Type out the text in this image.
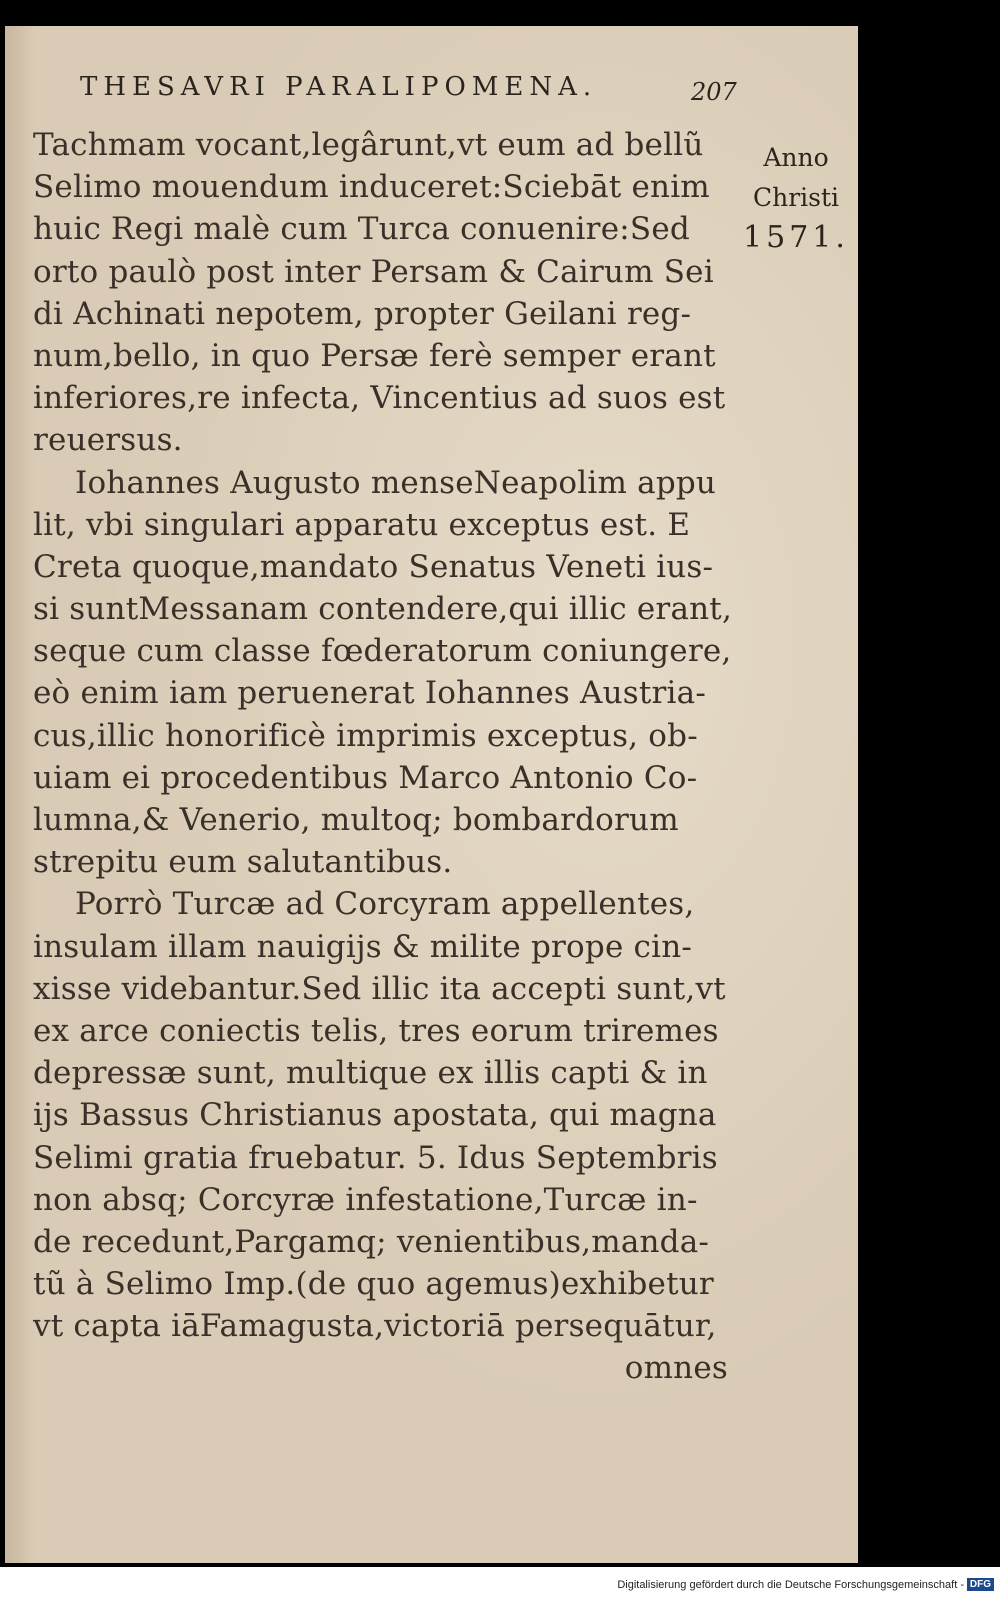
THESAVRI PARALIPOMENA.	207
Tachmam vocant,legârunt,vt eum ad bellũ
Selimo mouendum induceret:Sciebāt enim
huic Regi malè cum Turca conuenire:Sed
orto paulò post inter Persam & Cairum Sei
di Achinati nepotem, propter Geilani reg-
num,bello, in quo Persæ ferè semper erant
inferiores,re infecta, Vincentius ad suos est
reuersus.
Iohannes Augusto menseNeapolim appu
lit, vbi singulari apparatu exceptus est. E
Creta quoque,mandato Senatus Veneti ius-
si suntMessanam contendere,qui illic erant,
seque cum classe fœderatorum coniungere,
eò enim iam peruenerat Iohannes Austria-
cus,illic honorificè imprimis exceptus, ob-
uiam ei procedentibus Marco Antonio Co-
lumna,& Venerio, multoq; bombardorum
strepitu eum salutantibus.
Porrò Turcæ ad Corcyram appellentes,
insulam illam nauigijs & milite prope cin-
xisse videbantur.Sed illic ita accepti sunt,vt
ex arce coniectis telis, tres eorum triremes
depressæ sunt, multique ex illis capti & in
ijs Bassus Christianus apostata, qui magna
Selimi gratia fruebatur. 5. Idus Septembris
non absq; Corcyræ infestatione,Turcæ in-
de recedunt,Pargamq; venientibus,manda-
tũ à Selimo Imp.(de quo agemus)exhibetur
vt capta iāFamagusta,victoriā persequātur,
omnes
Anno
Christi
1571.
Digitalisierung gefördert durch die Deutsche Forschungsgemeinschaft - DFG
